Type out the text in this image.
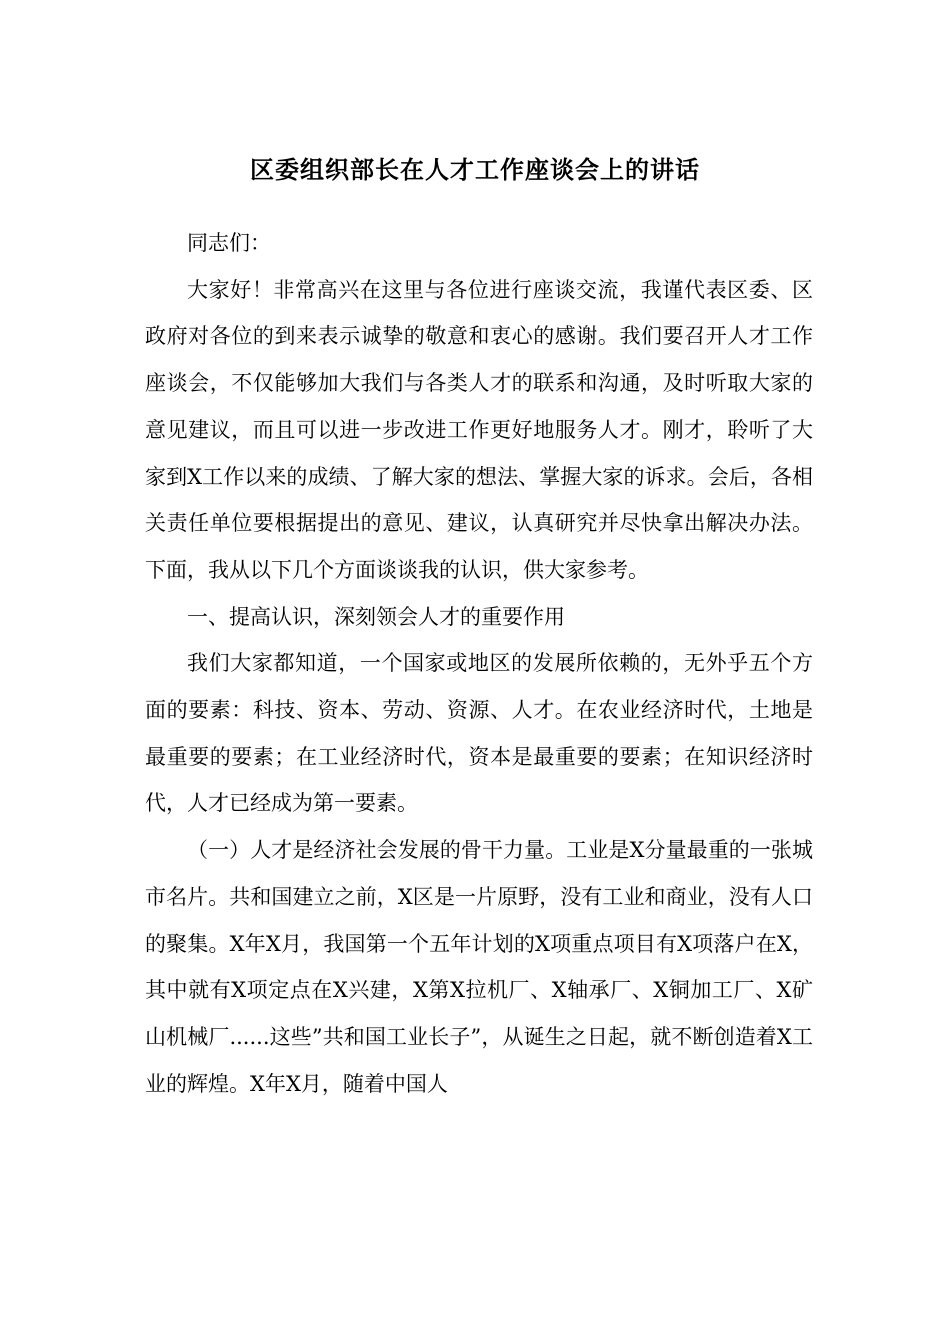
区委组织部长在人才工作座谈会上的讲话

同志们：

大家好！非常高兴在这里与各位进行座谈交流，我谨代表区委、区政府对各位的到来表示诚挚的敬意和衷心的感谢。我们要召开人才工作座谈会，不仅能够加大我们与各类人才的联系和沟通，及时听取大家的意见建议，而且可以进一步改进工作更好地服务人才。刚才，聆听了大家到X工作以来的成绩、了解大家的想法、掌握大家的诉求。会后，各相关责任单位要根据提出的意见、建议，认真研究并尽快拿出解决办法。下面，我从以下几个方面谈谈我的认识，供大家参考。

一、提高认识，深刻领会人才的重要作用

我们大家都知道，一个国家或地区的发展所依赖的，无外乎五个方面的要素：科技、资本、劳动、资源、人才。在农业经济时代，土地是最重要的要素；在工业经济时代，资本是最重要的要素；在知识经济时代，人才已经成为第一要素。

（一）人才是经济社会发展的骨干力量。工业是X分量最重的一张城市名片。共和国建立之前，X区是一片原野，没有工业和商业，没有人口的聚集。X年X月，我国第一个五年计划的X项重点项目有X项落户在X，其中就有X项定点在X兴建，X第X拉机厂、X轴承厂、X铜加工厂、X矿山机械厂......这些”共和国工业长子”，从诞生之日起，就不断创造着X工业的辉煌。X年X月，随着中国人
